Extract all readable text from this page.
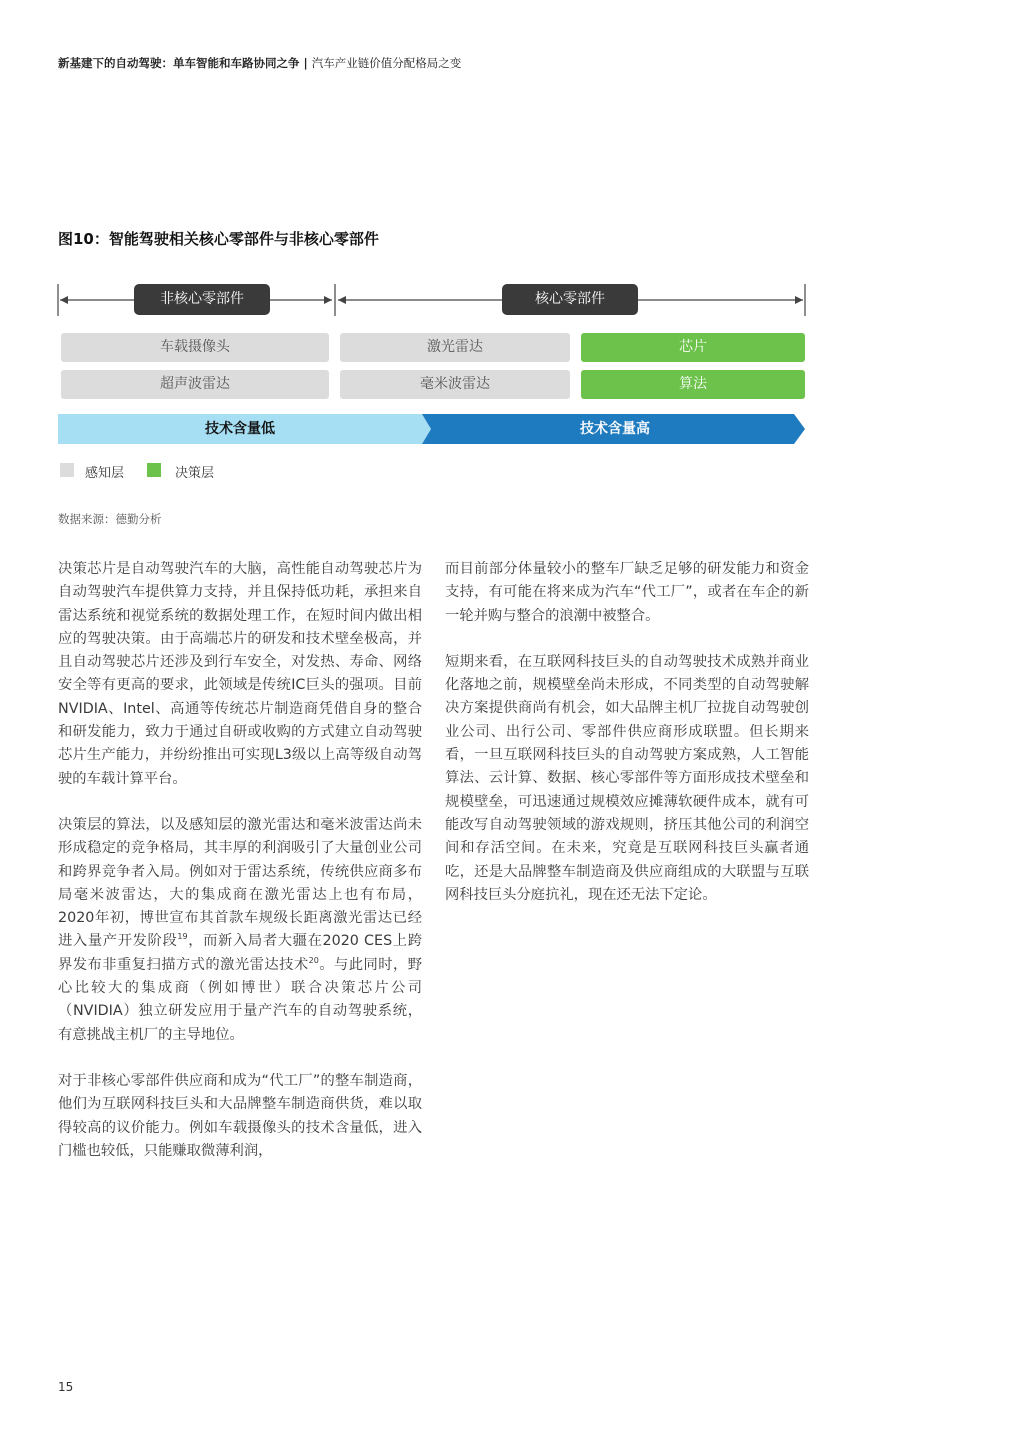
新基建下的自动驾驶：单车智能和车路协同之争 | 汽车产业链价值分配格局之变
图10：智能驾驶相关核心零部件与非核心零部件
非核心零部件	核心零部件
车载摄像头
超声波雷达
激光雷达
毫米波雷达
芯片
算法
技术含量低	技术含量高
感知层	决策层
数据来源：德勤分析

决策芯片是自动驾驶汽车的大脑，高性能自动驾驶芯片为自动驾驶汽车提供算力支持，并且保持低功耗，承担来自雷达系统和视觉系统的数据处理工作，在短时间内做出相应的驾驶决策。由于高端芯片的研发和技术壁垒极高，并且自动驾驶芯片还涉及到行车安全，对发热、寿命、网络安全等有更高的要求，此领域是传统IC巨头的强项。目前NVIDIA、Intel、高通等传统芯片制造商凭借自身的整合和研发能力，致力于通过自研或收购的方式建立自动驾驶芯片生产能力，并纷纷推出可实现L3级以上高等级自动驾驶的车载计算平台。

决策层的算法，以及感知层的激光雷达和毫米波雷达尚未形成稳定的竞争格局，其丰厚的利润吸引了大量创业公司和跨界竞争者入局。例如对于雷达系统，传统供应商多布局毫米波雷达，大的集成商在激光雷达上也有布局，2020年初，博世宣布其首款车规级长距离激光雷达已经进入量产开发阶段$^{19}$，而新入局者大疆在2020 CES上跨界发布非重复扫描方式的激光雷达技术$^{20}$。与此同时，野心比较大的集成商（例如博世）联合决策芯片公司（NVIDIA）独立研发应用于量产汽车的自动驾驶系统，有意挑战主机厂的主导地位。

对于非核心零部件供应商和成为“代工厂”的整车制造商，他们为互联网科技巨头和大品牌整车制造商供货，难以取得较高的议价能力。例如车载摄像头的技术含量低，进入门槛也较低，只能赚取微薄利润，

而目前部分体量较小的整车厂缺乏足够的研发能力和资金支持，有可能在将来成为汽车“代工厂”，或者在车企的新一轮并购与整合的浪潮中被整合。

短期来看，在互联网科技巨头的自动驾驶技术成熟并商业化落地之前，规模壁垒尚未形成，不同类型的自动驾驶解决方案提供商尚有机会，如大品牌主机厂拉拢自动驾驶创业公司、出行公司、零部件供应商形成联盟。但长期来看，一旦互联网科技巨头的自动驾驶方案成熟，人工智能算法、云计算、数据、核心零部件等方面形成技术壁垒和规模壁垒，可迅速通过规模效应摊薄软硬件成本，就有可能改写自动驾驶领域的游戏规则，挤压其他公司的利润空间和存活空间。在未来，究竟是互联网科技巨头赢者通吃，还是大品牌整车制造商及供应商组成的大联盟与互联网科技巨头分庭抗礼，现在还无法下定论。

15
